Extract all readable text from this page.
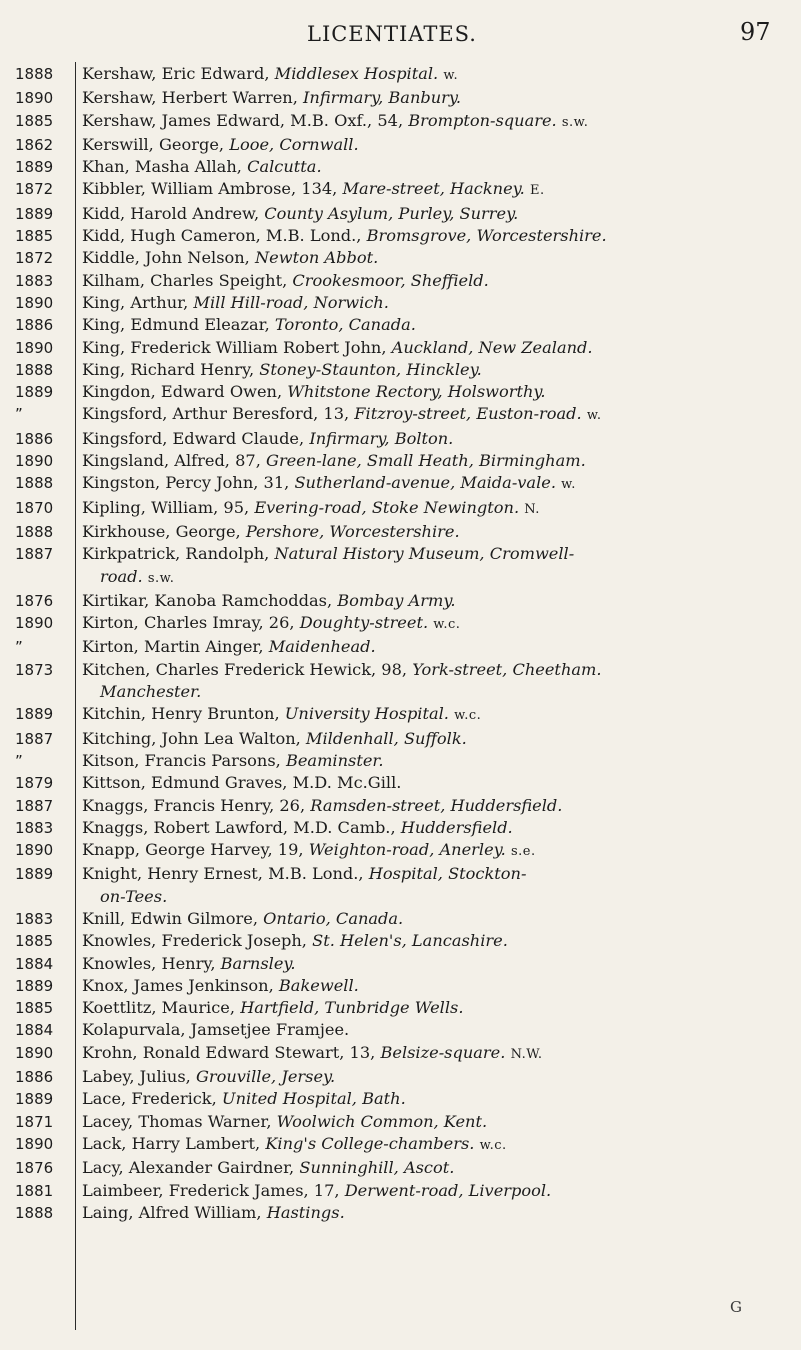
LICENTIATES.	97
1888	Kershaw, Eric Edward, Middlesex Hospital. w.
1890	Kershaw, Herbert Warren, Infirmary, Banbury.
1885	Kershaw, James Edward, M.B. Oxf., 54, Brompton-square. s.w.
1862	Kerswill, George, Looe, Cornwall.
1889	Khan, Masha Allah, Calcutta.
1872	Kibbler, William Ambrose, 134, Mare-street, Hackney. E.
1889	Kidd, Harold Andrew, County Asylum, Purley, Surrey.
1885	Kidd, Hugh Cameron, M.B. Lond., Bromsgrove, Worcestershire.
1872	Kiddle, John Nelson, Newton Abbot.
1883	Kilham, Charles Speight, Crookesmoor, Sheffield.
1890	King, Arthur, Mill Hill-road, Norwich.
1886	King, Edmund Eleazar, Toronto, Canada.
1890	King, Frederick William Robert John, Auckland, New Zealand.
1888	King, Richard Henry, Stoney-Staunton, Hinckley.
1889	Kingdon, Edward Owen, Whitstone Rectory, Holsworthy.
”	Kingsford, Arthur Beresford, 13, Fitzroy-street, Euston-road. w.
1886	Kingsford, Edward Claude, Infirmary, Bolton.
1890	Kingsland, Alfred, 87, Green-lane, Small Heath, Birmingham.
1888	Kingston, Percy John, 31, Sutherland-avenue, Maida-vale. w.
1870	Kipling, William, 95, Evering-road, Stoke Newington. N.
1888	Kirkhouse, George, Pershore, Worcestershire.
1887	Kirkpatrick, Randolph, Natural History Museum, Cromwell-
road. s.w.
1876	Kirtikar, Kanoba Ramchoddas, Bombay Army.
1890	Kirton, Charles Imray, 26, Doughty-street. w.c.
”	Kirton, Martin Ainger, Maidenhead.
1873	Kitchen, Charles Frederick Hewick, 98, York-street, Cheetham.
Manchester.
1889	Kitchin, Henry Brunton, University Hospital. w.c.
1887	Kitching, John Lea Walton, Mildenhall, Suffolk.
”	Kitson, Francis Parsons, Beaminster.
1879	Kittson, Edmund Graves, M.D. Mc.Gill.
1887	Knaggs, Francis Henry, 26, Ramsden-street, Huddersfield.
1883	Knaggs, Robert Lawford, M.D. Camb., Huddersfield.
1890	Knapp, George Harvey, 19, Weighton-road, Anerley. s.e.
1889	Knight, Henry Ernest, M.B. Lond., Hospital, Stockton-
on-Tees.
1883	Knill, Edwin Gilmore, Ontario, Canada.
1885	Knowles, Frederick Joseph, St. Helen's, Lancashire.
1884	Knowles, Henry, Barnsley.
1889	Knox, James Jenkinson, Bakewell.
1885	Koettlitz, Maurice, Hartfield, Tunbridge Wells.
1884	Kolapurvala, Jamsetjee Framjee.
1890	Krohn, Ronald Edward Stewart, 13, Belsize-square. N.W.
1886	Labey, Julius, Grouville, Jersey.
1889	Lace, Frederick, United Hospital, Bath.
1871	Lacey, Thomas Warner, Woolwich Common, Kent.
1890	Lack, Harry Lambert, King's College-chambers. w.c.
1876	Lacy, Alexander Gairdner, Sunninghill, Ascot.
1881	Laimbeer, Frederick James, 17, Derwent-road, Liverpool.
1888	Laing, Alfred William, Hastings.
G
